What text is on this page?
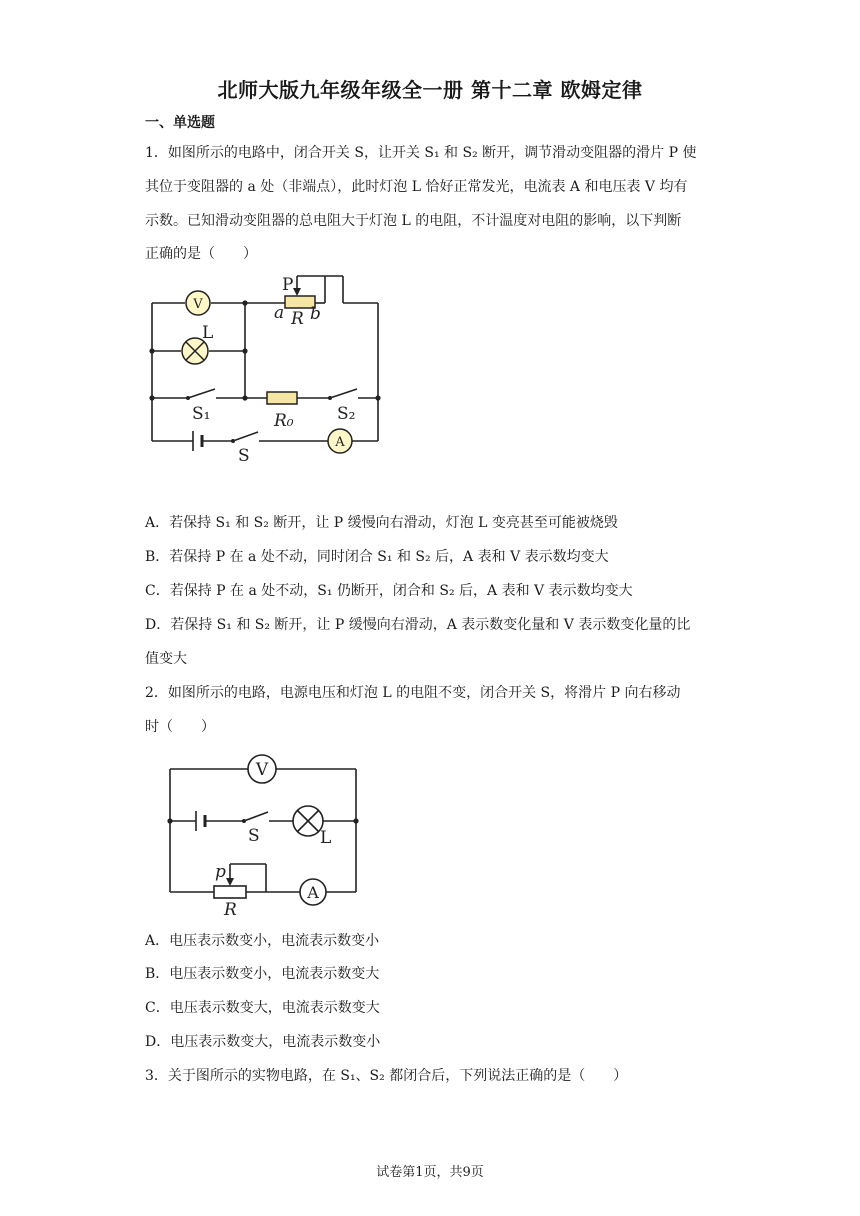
北师大版九年级年级全一册 第十二章 欧姆定律
一、单选题
1．如图所示的电路中，闭合开关 S，让开关 S₁ 和 S₂ 断开，调节滑动变阻器的滑片 P 使
其位于变阻器的 a 处（非端点），此时灯泡 L 恰好正常发光，电流表 A 和电压表 V 均有
示数。已知滑动变阻器的总电阻大于灯泡 L 的电阻，不计温度对电阻的影响，以下判断
正确的是（　　）
V
L
P
a R b
S₁	R₀	S₂
S
A
A．若保持 S₁ 和 S₂ 断开，让 P 缓慢向右滑动，灯泡 L 变亮甚至可能被烧毁
B．若保持 P 在 a 处不动，同时闭合 S₁ 和 S₂ 后，A 表和 V 表示数均变大
C．若保持 P 在 a 处不动，S₁ 仍断开，闭合和 S₂ 后，A 表和 V 表示数均变大
D．若保持 S₁ 和 S₂ 断开，让 P 缓慢向右滑动，A 表示数变化量和 V 表示数变化量的比
值变大
2．如图所示的电路，电源电压和灯泡 L 的电阻不变，闭合开关 S，将滑片 P 向右移动
时（　　）
V
S	L
p
R
A
A．电压表示数变小，电流表示数变小
B．电压表示数变小，电流表示数变大
C．电压表示数变大，电流表示数变大
D．电压表示数变大，电流表示数变小
3．关于图所示的实物电路，在 S₁、S₂ 都闭合后，下列说法正确的是（　　）
试卷第1页，共9页
